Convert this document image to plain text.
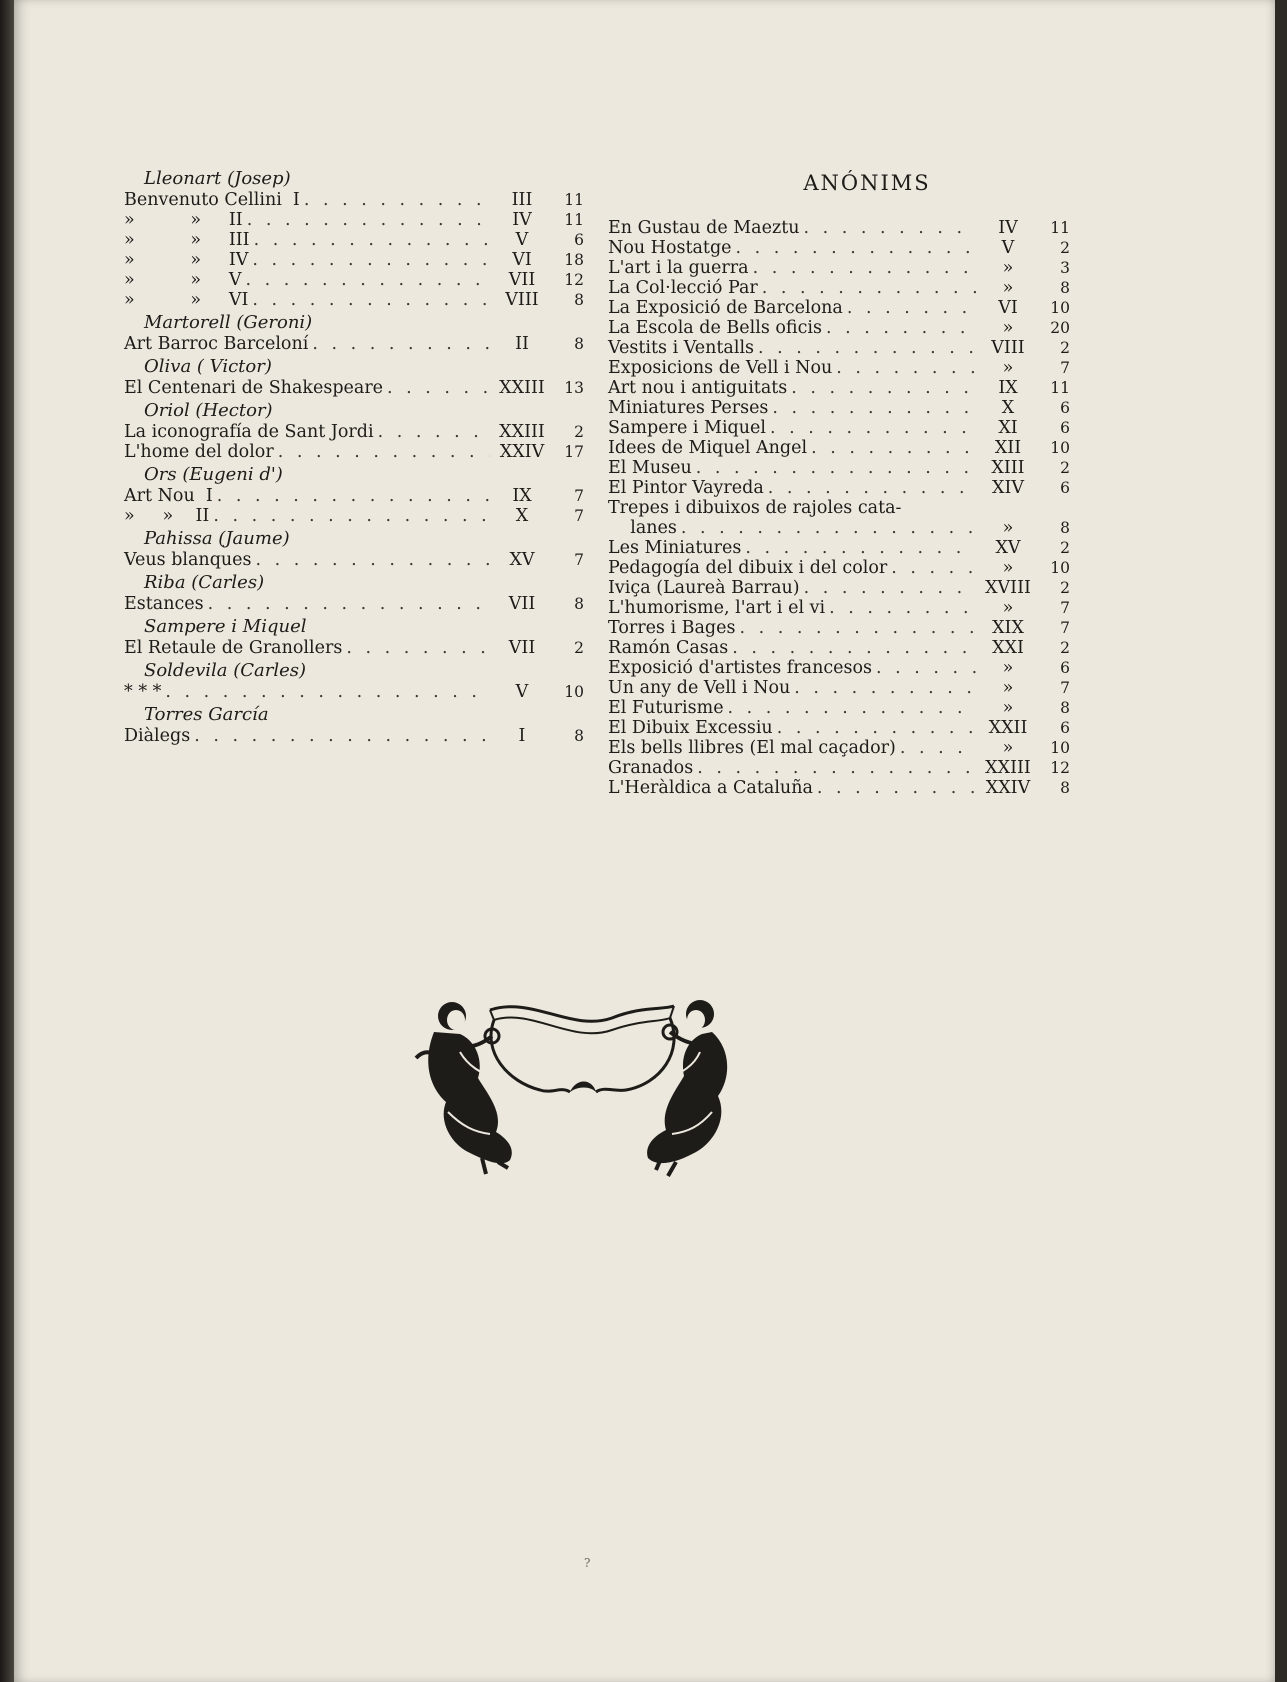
Lleonart (Josep)
Benvenuto Cellini  I . . .	III	11
»          »     II . . .	IV	11
»          »     III . . .	V	6
»          »     IV . . .	VI	18
»          »     V . . .	VII	12
»          »     VI . . .	VIII	8
Martorell (Geroni)
Art Barroc Barceloní . . .	II	8
Oliva ( Victor)
El Centenari de Shakespeare . . .	XXIII	13
Oriol (Hector)
La iconografía de Sant Jordi . . .	XXIII	2
L'home del dolor . . .	XXIV	17
Ors (Eugeni d')
Art Nou  I . . .	IX	7
»     »    II . . .	X	7
Pahissa (Jaume)
Veus blanques . . .	XV	7
Riba (Carles)
Estances . . .	VII	8
Sampere i Miquel
El Retaule de Granollers . . .	VII	2
Soldevila (Carles)
* * * . . .	V	10
Torres García
Diàlegs . . .	I	8
ANÓNIMS
En Gustau de Maeztu . . .	IV	11
Nou Hostatge . . .	V	2
L'art i la guerra . . .	»	3
La Col·lecció Par . . .	»	8
La Exposició de Barcelona . . .	VI	10
La Escola de Bells oficis . . .	»	20
Vestits i Ventalls . . .	VIII	2
Exposicions de Vell i Nou . . .	»	7
Art nou i antiguitats . . .	IX	11
Miniatures Perses . . .	X	6
Sampere i Miquel . . .	XI	6
Idees de Miquel Angel . . .	XII	10
El Museu . . .	XIII	2
El Pintor Vayreda . . .	XIV	6
Trepes i dibuixos de rajoles cata-
lanes . . .	»	8
Les Miniatures . . .	XV	2
Pedagogía del dibuix i del color . . .	»	10
Iviça (Laureà Barrau) . . .	XVIII	2
L'humorisme, l'art i el vi . . .	»	7
Torres i Bages . . .	XIX	7
Ramón Casas . . .	XXI	2
Exposició d'artistes francesos . . .	»	6
Un any de Vell i Nou . . .	»	7
El Futurisme . . .	»	8
El Dibuix Excessiu . . .	XXII	6
Els bells llibres (El mal caçador) . . .	»	10
Granados . . .	XXIII	12
L'Heràldica a Cataluña . . .	XXIV	8
?
